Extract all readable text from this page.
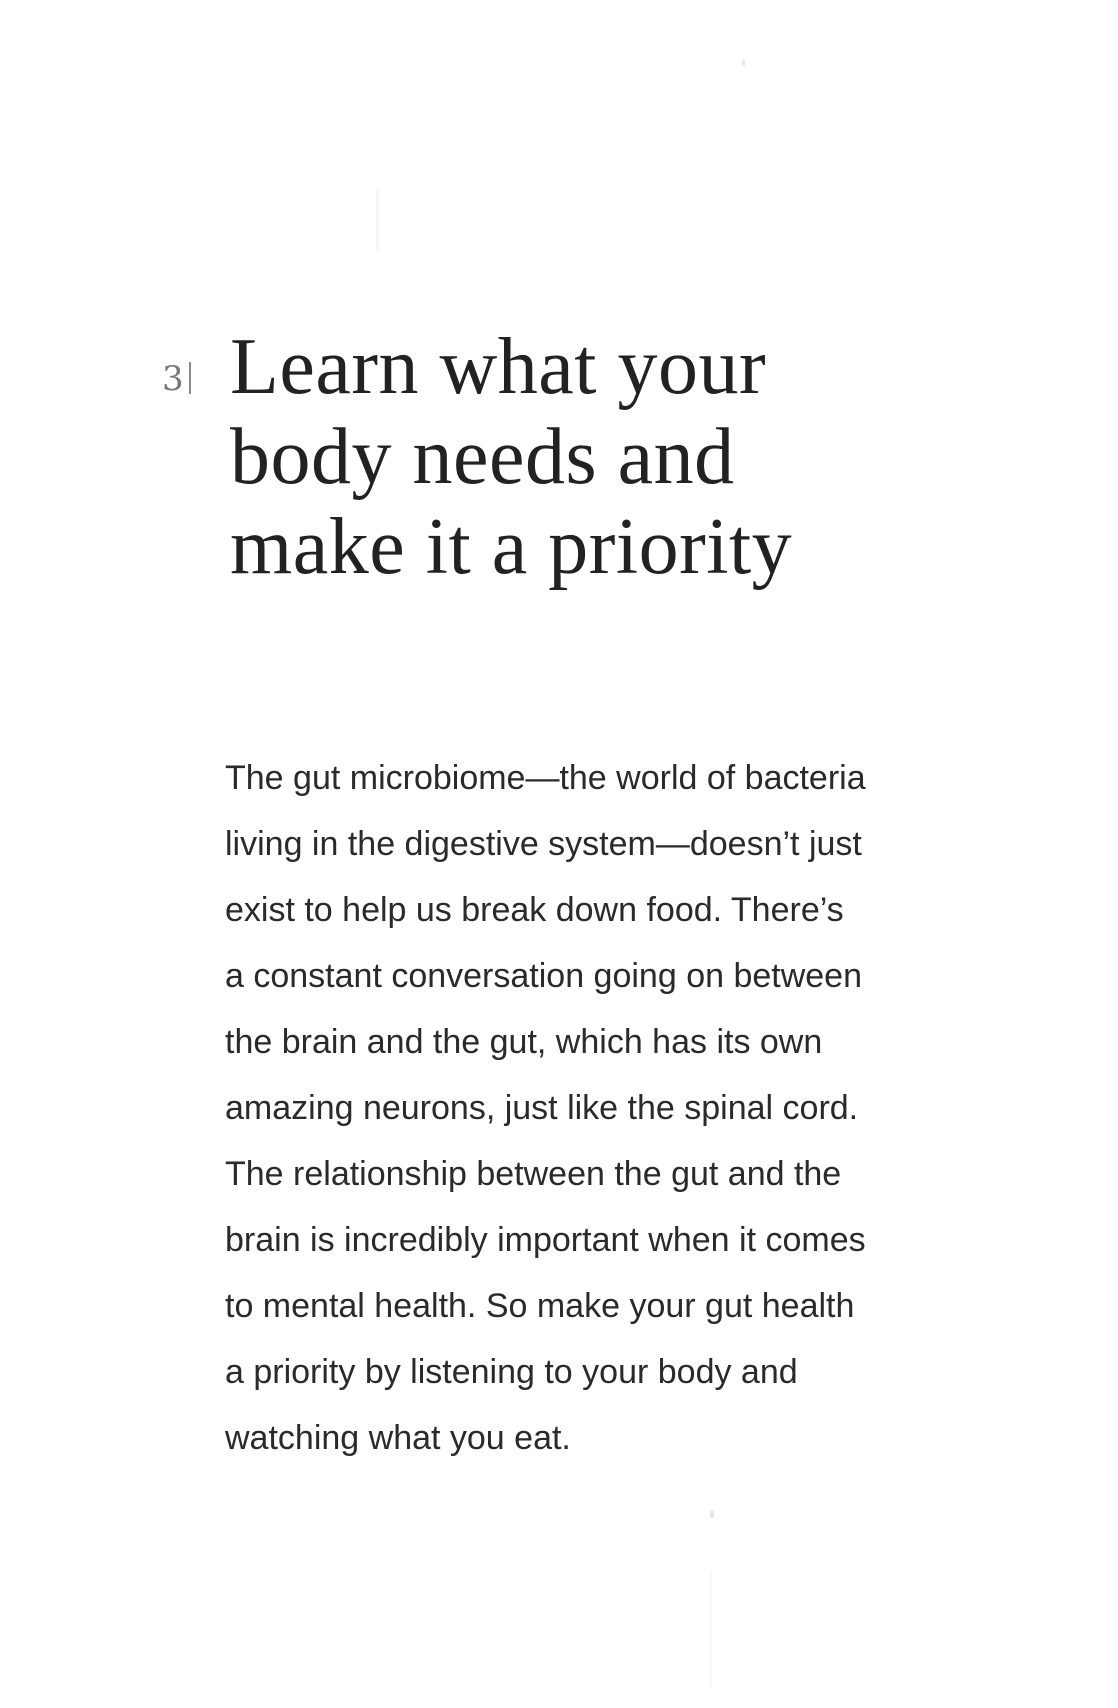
3 Learn what your
body needs and
make it a priority

The gut microbiome—the world of bacteria
living in the digestive system—doesn’t just
exist to help us break down food. There’s
a constant conversation going on between
the brain and the gut, which has its own
amazing neurons, just like the spinal cord.
The relationship between the gut and the
brain is incredibly important when it comes
to mental health. So make your gut health
a priority by listening to your body and
watching what you eat.
